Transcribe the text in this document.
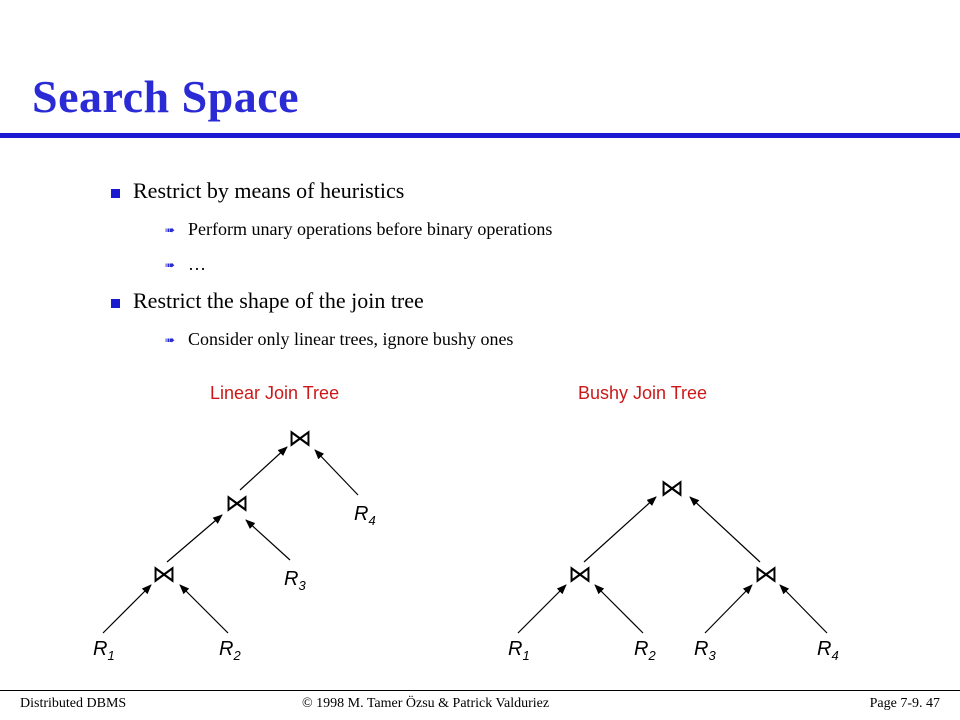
Search Space
Restrict by means of heuristics
➠ Perform unary operations before binary operations
➠ …
Restrict the shape of the join tree
➠ Consider only linear trees, ignore bushy ones
Linear Join Tree	Bushy Join Tree
⋈
⋈
⋈
$R_4$
$R_3$
$R_1$	$R_2$
⋈
⋈	⋈
$R_1$	$R_2$ $R_3$	$R_4$
Distributed DBMS	© 1998 M. Tamer Özsu & Patrick Valduriez	Page 7-9. 47
